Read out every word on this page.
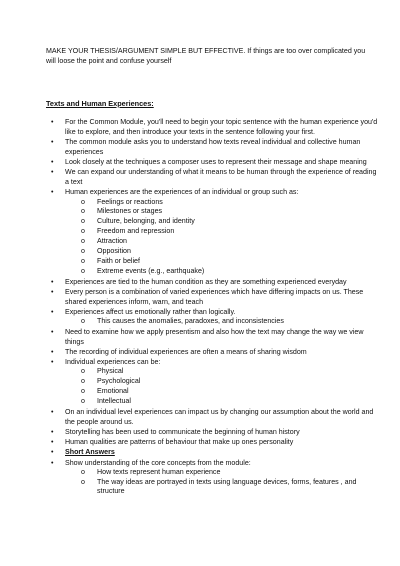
MAKE YOUR THESIS/ARGUMENT SIMPLE BUT EFFECTIVE. If things are too over complicated you will loose the point and confuse yourself

Texts and Human Experiences:
• For the Common Module, you'll need to begin your topic sentence with the human experience you'd like to explore, and then introduce your texts in the sentence following your first.
• The common module asks you to understand how texts reveal individual and collective human experiences
• Look closely at the techniques a composer uses to represent their message and shape meaning
• We can expand our understanding of what it means to be human through the experience of reading a text
• Human experiences are the experiences of an individual or group such as:
o Feelings or reactions
o Milestones or stages
o Culture, belonging, and identity
o Freedom and repression
o Attraction
o Opposition
o Faith or belief
o Extreme events (e.g., earthquake)
• Experiences are tied to the human condition as they are something experienced everyday
• Every person is a combination of varied experiences which have differing impacts on us. These shared experiences inform, warn, and teach
• Experiences affect us emotionally rather than logically.
o This causes the anomalies, paradoxes, and inconsistencies
• Need to examine how we apply presentism and also how the text may change the way we view things
• The recording of individual experiences are often a means of sharing wisdom
• Individual experiences can be:
o Physical
o Psychological
o Emotional
o Intellectual
• On an individual level experiences can impact us by changing our assumption about the world and the people around us.
• Storytelling has been used to communicate the beginning of human history
• Human qualities are patterns of behaviour that make up ones personality
• Short Answers
• Show understanding of the core concepts from the module:
o How texts represent human experience
o The way ideas are portrayed in texts using language devices, forms, features , and structure
